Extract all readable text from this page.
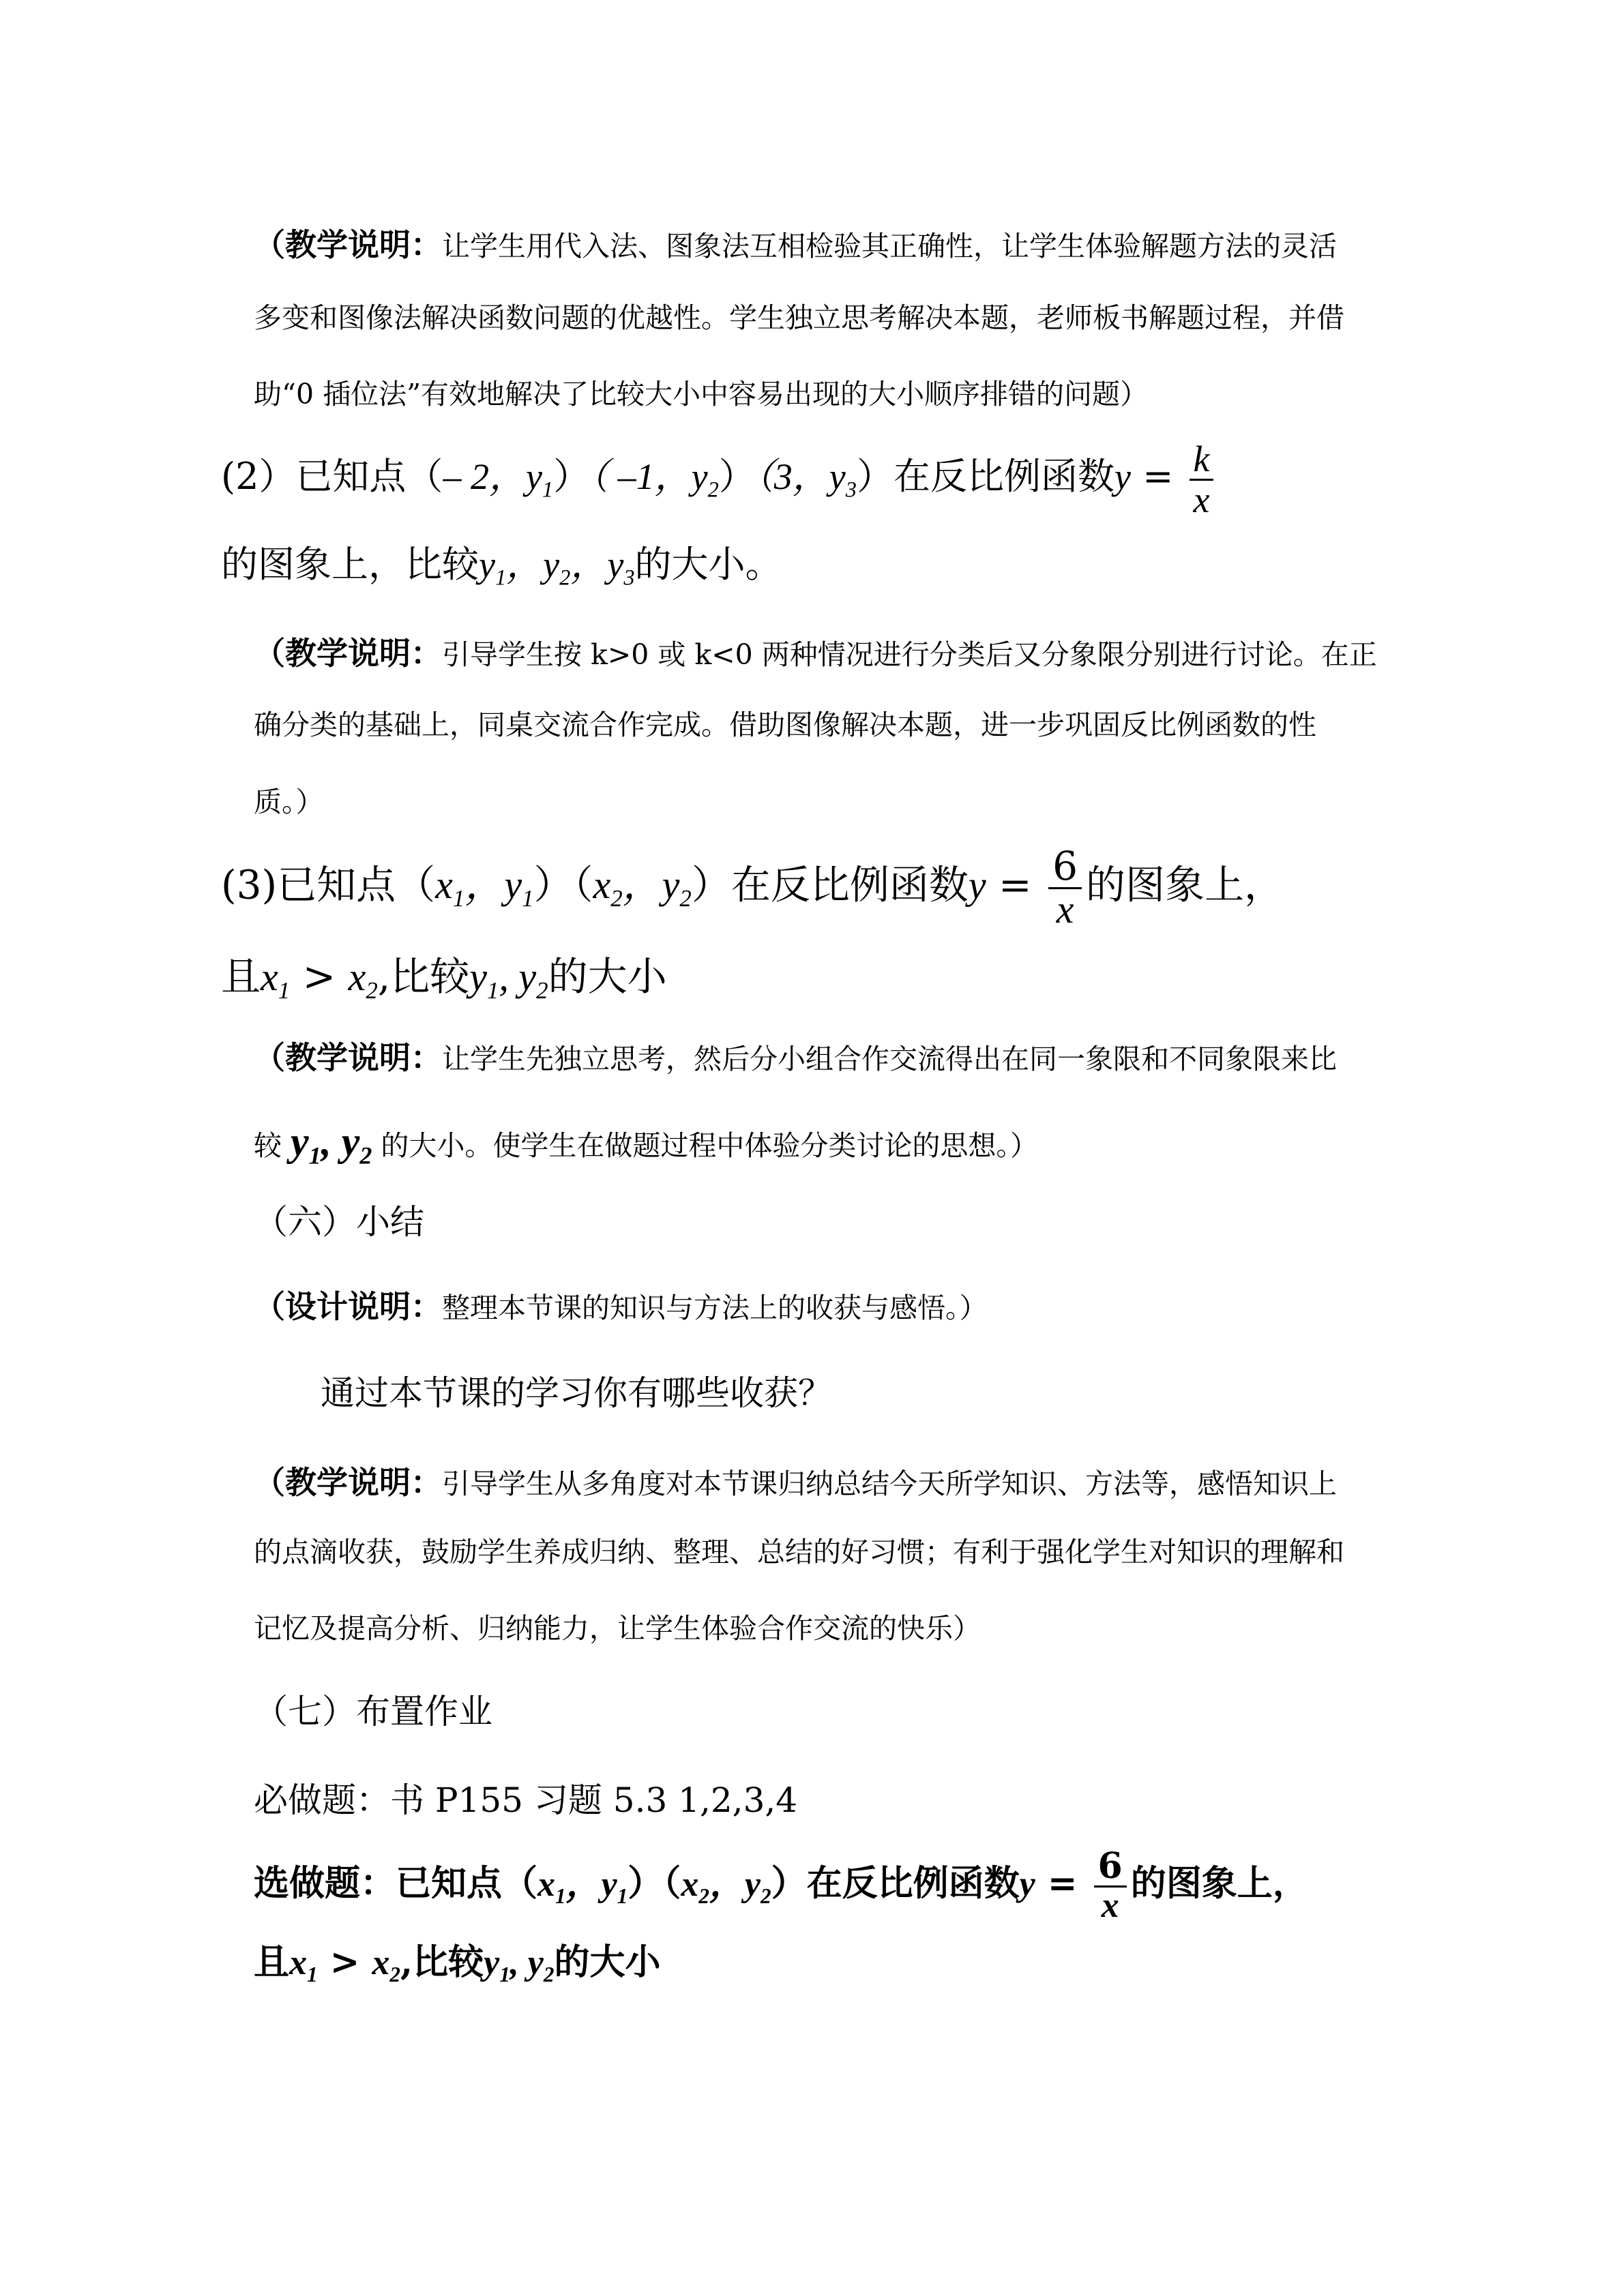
（教学说明：让学生用代入法、图象法互相检验其正确性，让学生体验解题方法的灵活
多变和图像法解决函数问题的优越性。学生独立思考解决本题，老师板书解题过程，并借
助“0 插位法”有效地解决了比较大小中容易出现的大小顺序排错的问题）
(2）已知点（– 2，$y_1$）（ –1，$y_2)(3$，$y_3$）在反比例函数$y = \frac{k}{x}$
的图象上，比较$y_1$，$y_2$，$y_3$的大小。
（教学说明：引导学生按 k>0 或 k<0 两种情况进行分类后又分象限分别进行讨论。在正
确分类的基础上，同桌交流合作完成。借助图像解决本题，进一步巩固反比例函数的性
质。）
(3)已知点（$x_1$，$y_1)(x_2$，$y_2$）在反比例函数$y = \frac{6}{x}$ 的图象上，
且$x_1 > x_2$,比较$y_1$, $y_2$的大小
（教学说明：让学生先独立思考，然后分小组合作交流得出在同一象限和不同象限来比
较 $y_1$, $y_2$ 的大小。使学生在做题过程中体验分类讨论的思想。）
（六）小结
（设计说明：整理本节课的知识与方法上的收获与感悟。）
通过本节课的学习你有哪些收获？
（教学说明：引导学生从多角度对本节课归纳总结今天所学知识、方法等，感悟知识上
的点滴收获，鼓励学生养成归纳、整理、总结的好习惯；有利于强化学生对知识的理解和
记忆及提高分析、归纳能力，让学生体验合作交流的快乐）
（七）布置作业
必做题：书 P155 习题 5.3 1,2,3,4
选做题：已知点（$x_1$，$y_1)(x_2$，$y_2$）在反比例函数$y = \frac{6}{x}$ 的图象上，
且$x_1 > x_2$,比较$y_1$, $y_2$的大小
